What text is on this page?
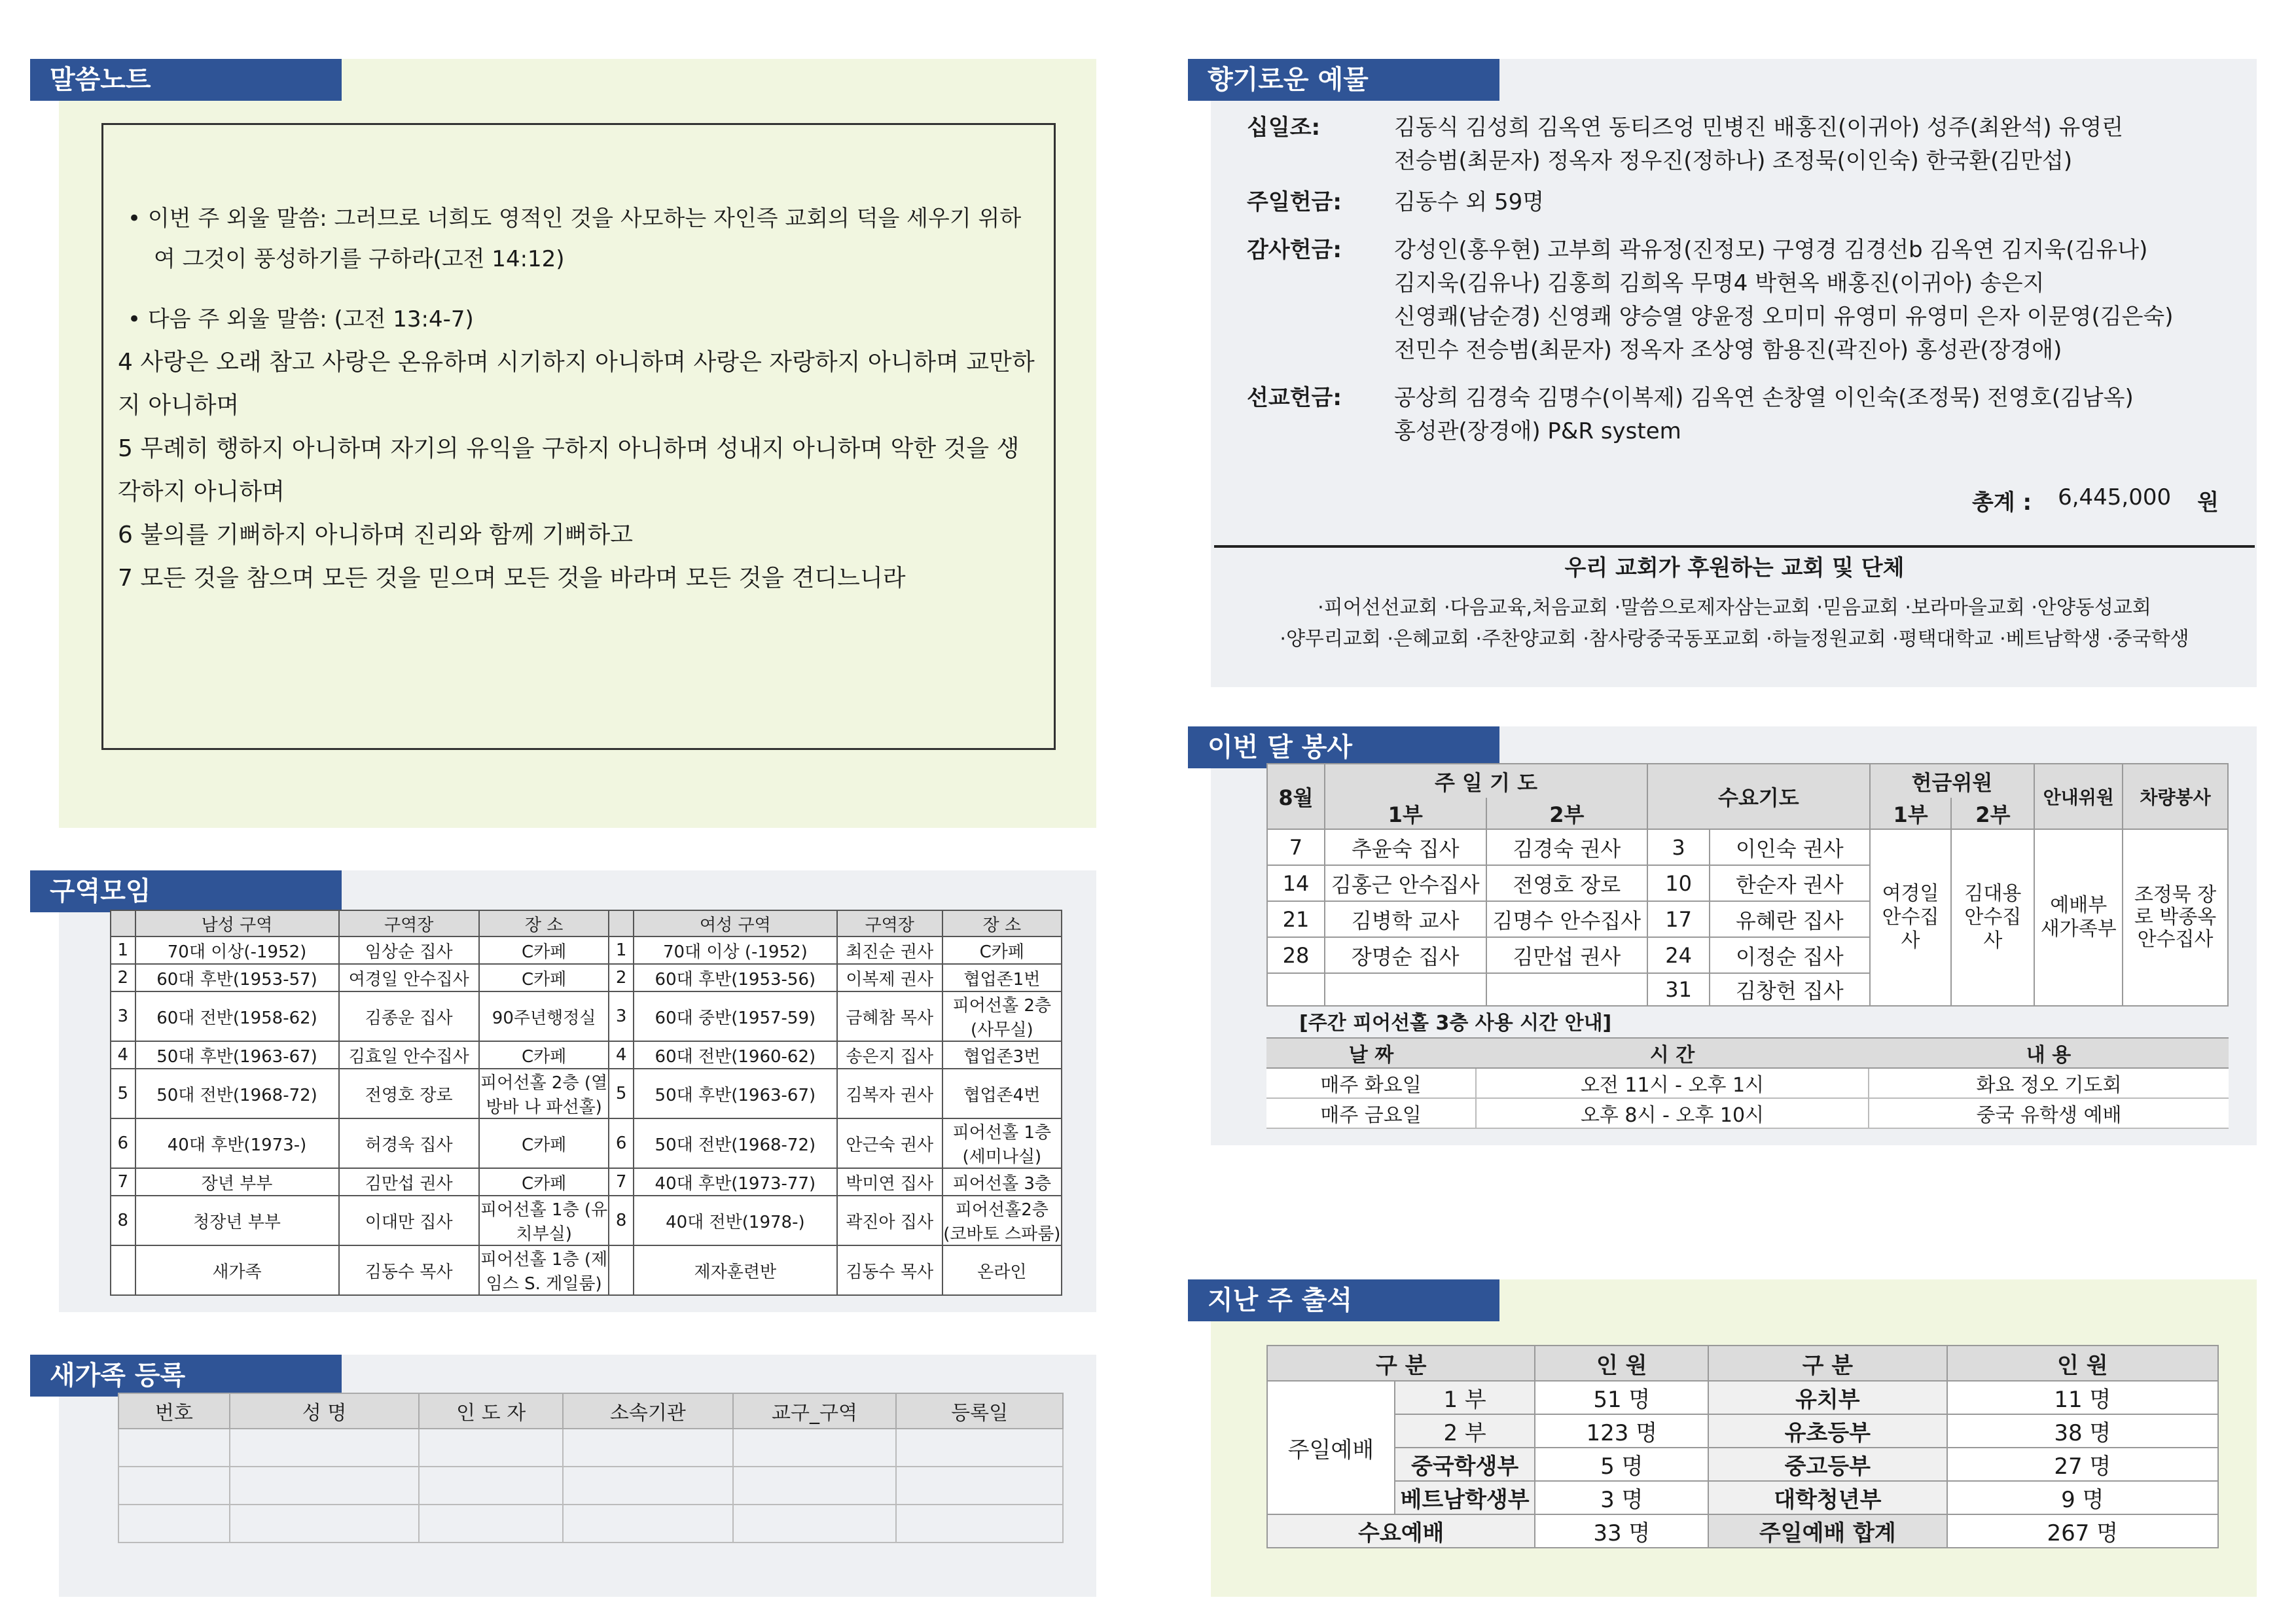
말씀노트
• 이번 주 외울 말씀: 그러므로 너희도 영적인 것을 사모하는 자인즉 교회의 덕을 세우기 위하여 그것이 풍성하기를 구하라(고전 14:12)
• 다음 주 외울 말씀: (고전 13:4-7)
4 사랑은 오래 참고 사랑은 온유하며 시기하지 아니하며 사랑은 자랑하지 아니하며 교만하지 아니하며
5 무례히 행하지 아니하며 자기의 유익을 구하지 아니하며 성내지 아니하며 악한 것을 생각하지 아니하며
6 불의를 기뻐하지 아니하며 진리와 함께 기뻐하고
7 모든 것을 참으며 모든 것을 믿으며 모든 것을 바라며 모든 것을 견디느니라
구역모임
	남성 구역	구역장	장 소		여성 구역	구역장	장 소
1	70대 이상(-1952)	임상순 집사	C카페	1	70대 이상 (-1952)	최진순 권사	C카페
2	60대 후반(1953-57)	여경일 안수집사	C카페	2	60대 후반(1953-56)	이복제 권사	협업존1번
3	60대 전반(1958-62)	김종운 집사	90주년행정실	3	60대 중반(1957-59)	금혜참 목사	피어선홀 2층 (사무실)
4	50대 후반(1963-67)	김효일 안수집사	C카페	4	60대 전반(1960-62)	송은지 집사	협업존3번
5	50대 전반(1968-72)	전영호 장로	피어선홀 2층 (열방바 나 파선홀)	5	50대 후반(1963-67)	김복자 권사	협업존4번
6	40대 후반(1973-)	허경욱 집사	C카페	6	50대 전반(1968-72)	안근숙 권사	피어선홀 1층 (세미나실)
7	장년 부부	김만섭 권사	C카페	7	40대 후반(1973-77)	박미연 집사	피어선홀 3층
8	청장년 부부	이대만 집사	피어선홀 1층 (유치부실)	8	40대 전반(1978-)	곽진아 집사	피어선홀2층 (코바토 스파룸)
	새가족	김동수 목사	피어선홀 1층 (제임스 S. 게일룸)		제자훈련반	김동수 목사	온라인
새가족 등록
번호	성 명	인 도 자	소속기관	교구_구역	등록일

향기로운 예물
십일조:	김동식 김성희 김옥연 동티즈엉 민병진 배홍진(이귀아) 성주(최완석) 유영린
전승범(최문자) 정옥자 정우진(정하나) 조정묵(이인숙) 한국환(김만섭)
주일헌금:	김동수 외 59명
감사헌금:	강성인(홍우현) 고부희 곽유정(진정모) 구영경 김경선b 김옥연 김지욱(김유나)
김지욱(김유나) 김홍희 김희옥 무명4 박현옥 배홍진(이귀아) 송은지
신영쾌(남순경) 신영쾌 양승열 양윤정 오미미 유영미 유영미 은자 이문영(김은숙)
전민수 전승범(최문자) 정옥자 조상영 함용진(곽진아) 홍성관(장경애)
선교헌금:	공상희 김경숙 김명수(이복제) 김옥연 손창열 이인숙(조정묵) 전영호(김남옥)
홍성관(장경애) P&R system
총계 : 6,445,000 원
우리 교회가 후원하는 교회 및 단체
·피어선선교회 ·다음교육,처음교회 ·말씀으로제자삼는교회 ·믿음교회 ·보라마을교회 ·안양동성교회
·양무리교회 ·은혜교회 ·주찬양교회 ·참사랑중국동포교회 ·하늘정원교회 ·평택대학교 ·베트남학생 ·중국학생
이번 달 봉사
8월	주 일 기 도		수요기도		헌금위원		안내위원	차량봉사
	1부	2부			1부	2부		
7	추윤숙 집사	김경숙 권사	3	이인숙 권사	여경일 안수집사	김대용 안수집사	예배부 새가족부	조정묵 장로 박종옥 안수집사
14	김홍근 안수집사	전영호 장로	10	한순자 권사				
21	김병학 교사	김명수 안수집사	17	유혜란 집사				
28	장명순 집사	김만섭 권사	24	이정순 집사				
			31	김창헌 집사				
[주간 피어선홀 3층 사용 시간 안내]
날 짜	시 간	내 용
매주 화요일	오전 11시 - 오후 1시	화요 정오 기도회
매주 금요일	오후 8시 - 오후 10시	중국 유학생 예배
지난 주 출석
구 분		인 원	구 분	인 원
주일예배	1 부	51 명	유치부	11 명
	2 부	123 명	유초등부	38 명
	중국학생부	5 명	중고등부	27 명
	베트남학생부	3 명	대학청년부	9 명
수요예배		33 명	주일예배 합계	267 명
